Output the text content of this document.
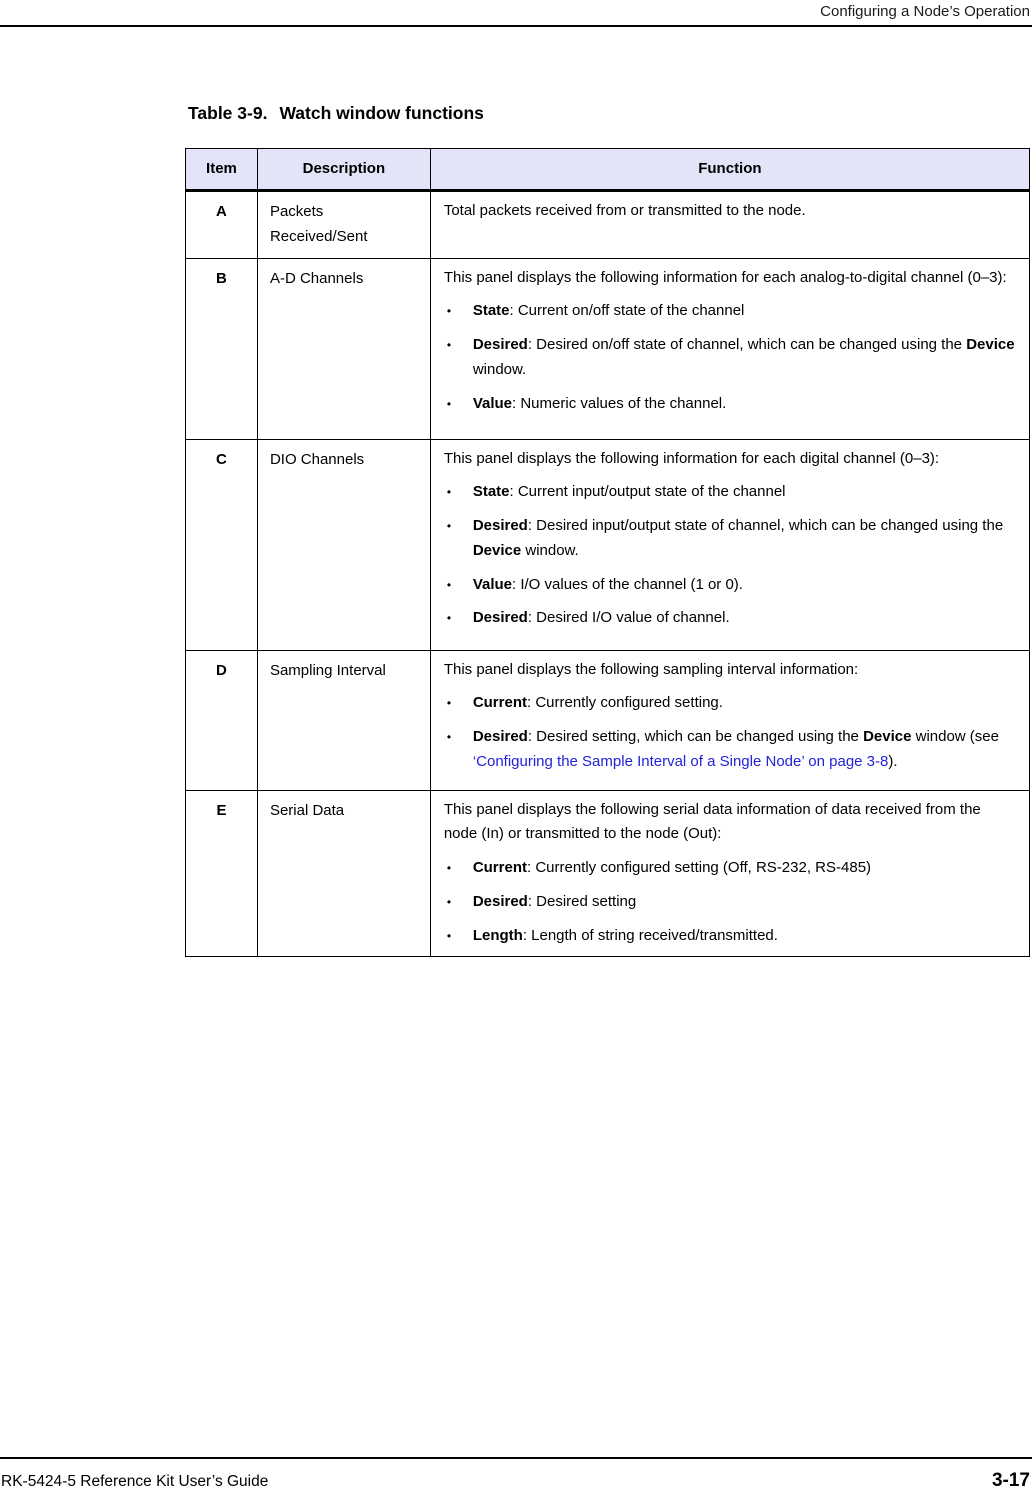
Configuring a Node’s Operation
Table 3-9. Watch window functions
Item	Description	Function
A	Packets Received/Sent	Total packets received from or transmitted to the node.

B	A-D Channels	This panel displays the following information for each analog-to-digital channel (0–3):

•	State: Current on/off state of the channel
•	Desired: Desired on/off state of channel, which can be changed using the Device window.
•	Value: Numeric values of the channel.

C	DIO Channels	This panel displays the following information for each digital channel (0–3):

•	State: Current input/output state of the channel
•	Desired: Desired input/output state of channel, which can be changed using the Device window.
•	Value: I/O values of the channel (1 or 0).
•	Desired: Desired I/O value of channel.

D	Sampling Interval	This panel displays the following sampling interval information:

• Current: Currently configured setting.
• Desired: Desired setting, which can be changed using the Device window (see ‘Configuring the Sample Interval of a Single Node’ on page 3-8).

E	Serial Data	This panel displays the following serial data information of data received from the node (In) or transmitted to the node (Out):

•	Current: Currently configured setting (Off, RS-232, RS-485)
•	Desired: Desired setting
•	Length: Length of string received/transmitted.
RK-5424-5 Reference Kit User’s Guide	3-17
